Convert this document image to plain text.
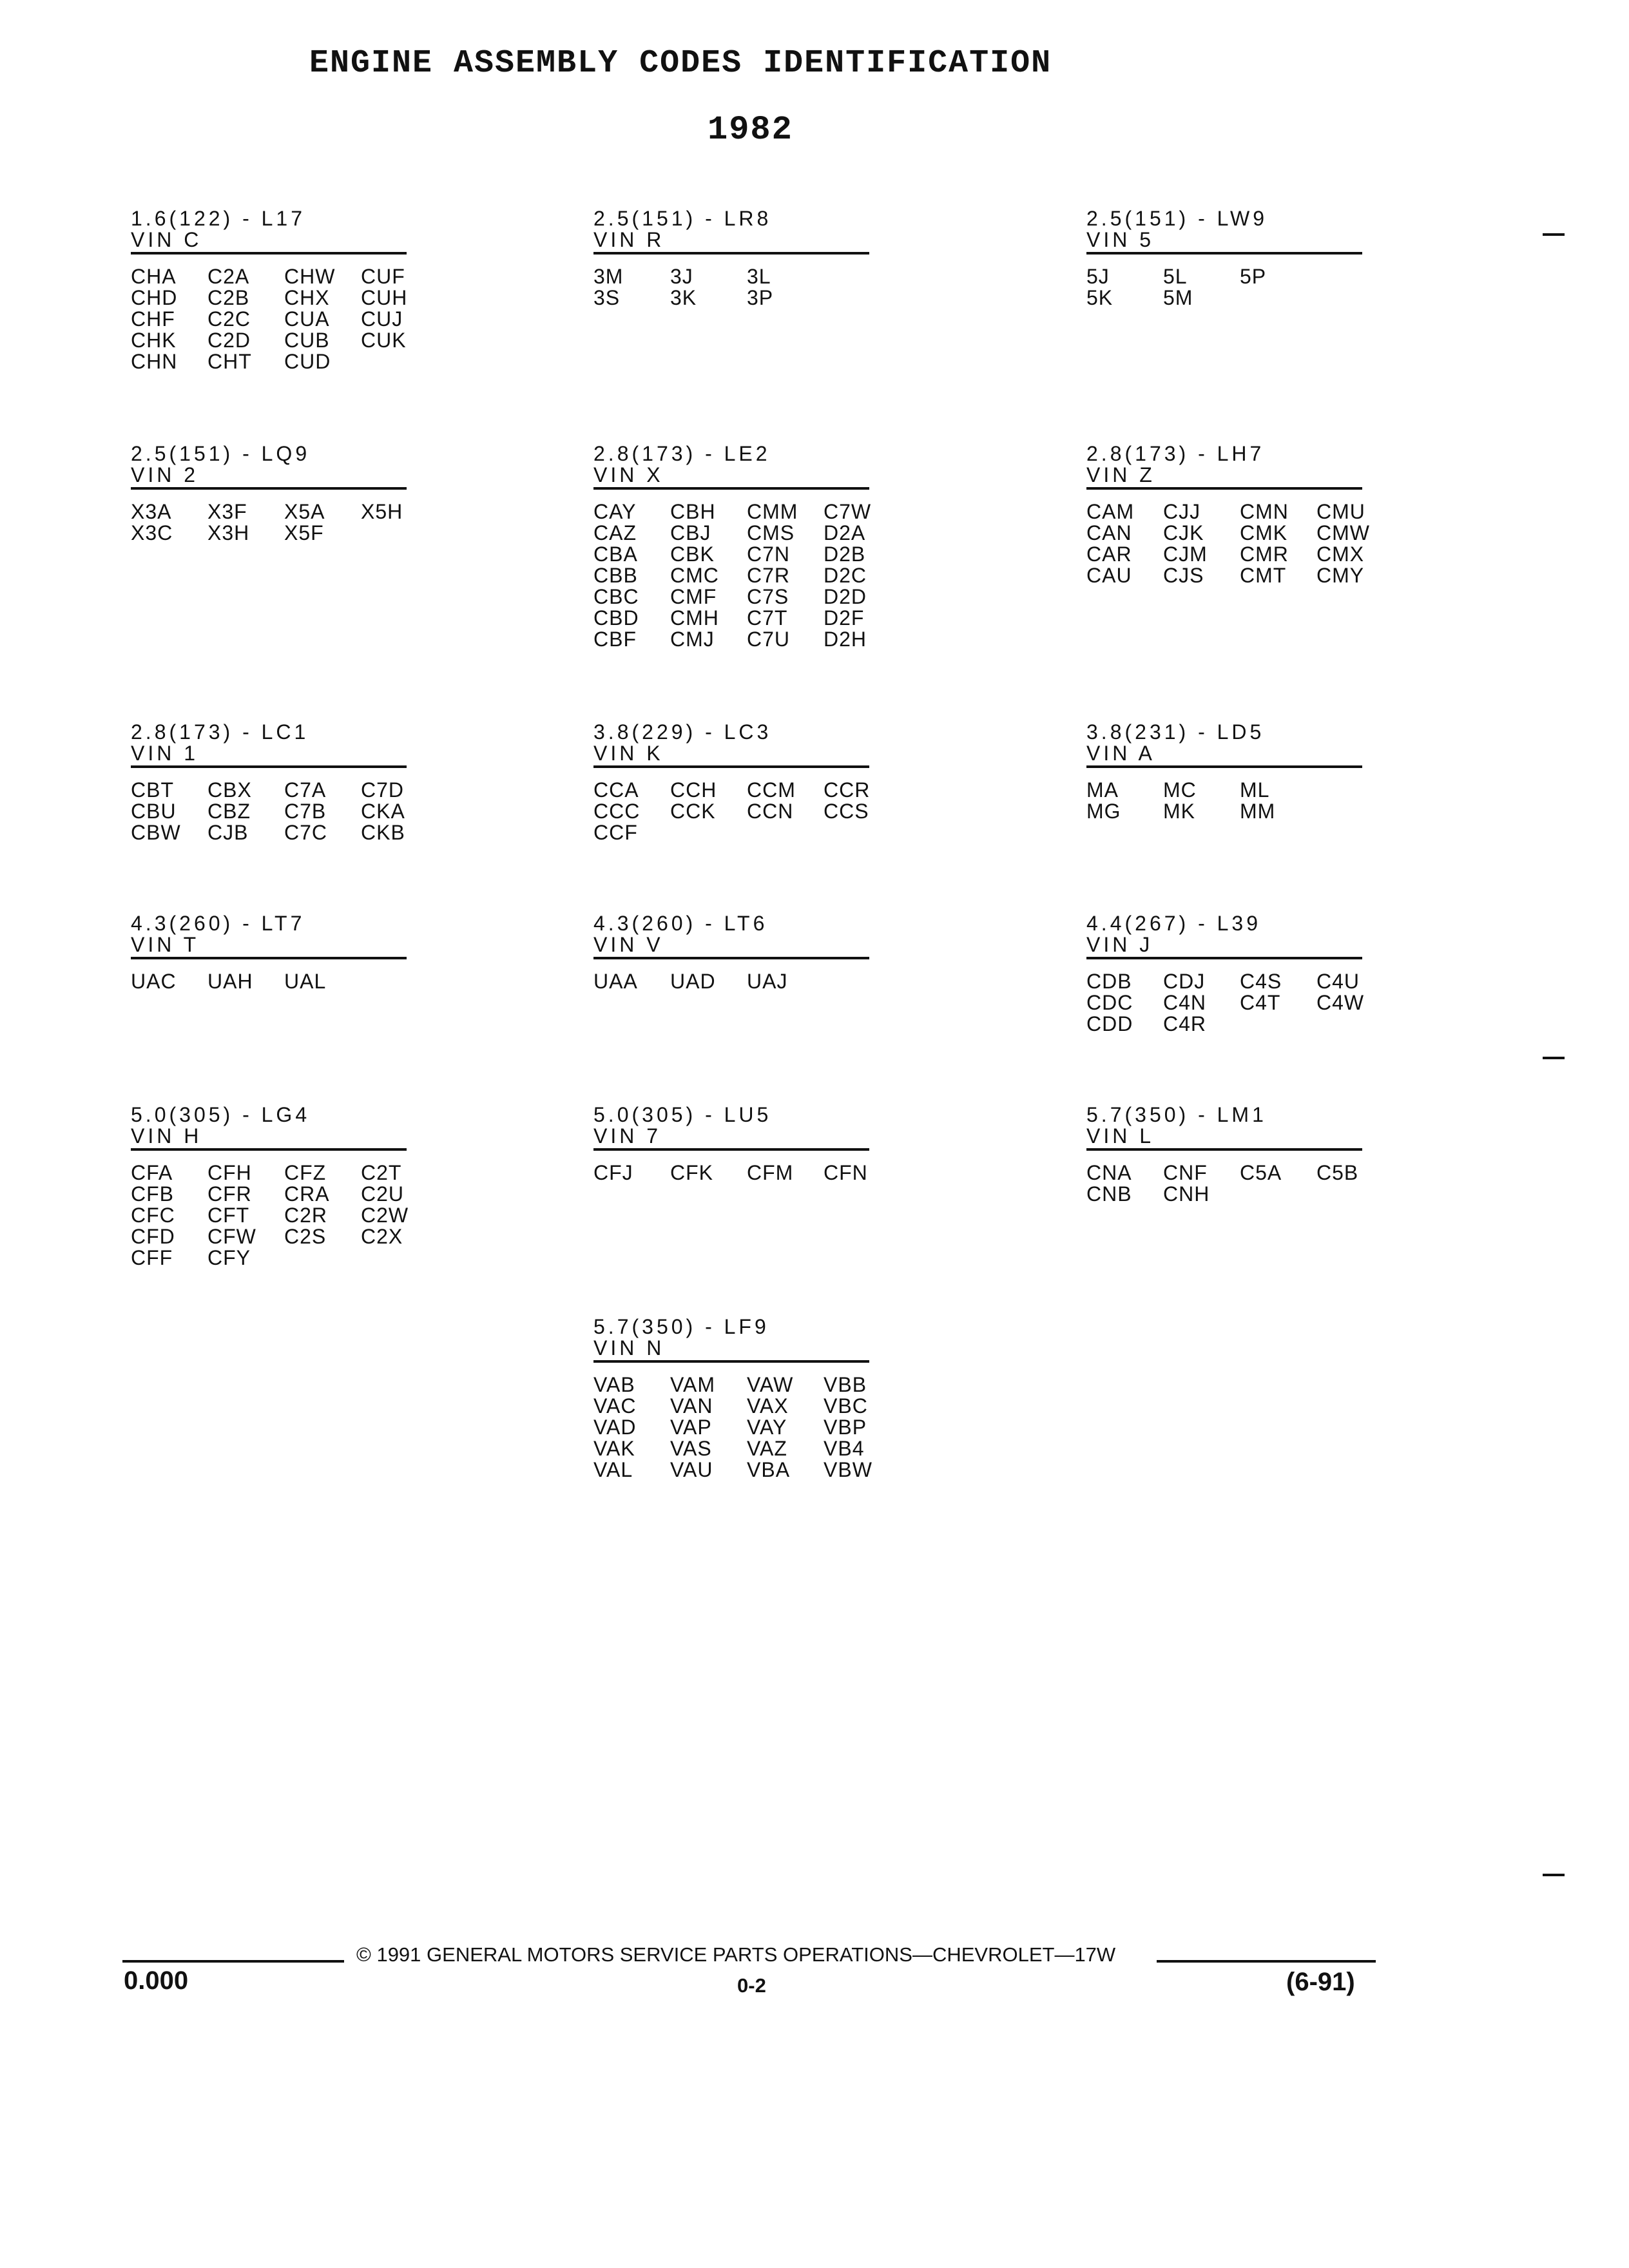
ENGINE ASSEMBLY CODES IDENTIFICATION
1982
1.6(122) - L17
VIN C
CHA	C2A	CHW	CUF
CHD	C2B	CHX	CUH
CHF	C2C	CUA	CUJ
CHK	C2D	CUB	CUK
CHN	CHT	CUD
2.5(151) - LR8
VIN R
3M	3J	3L
3S	3K	3P
2.5(151) - LW9
VIN 5
5J	5L	5P
5K	5M
2.5(151) - LQ9
VIN 2
X3A	X3F	X5A	X5H
X3C	X3H	X5F
2.8(173) - LE2
VIN X
CAY	CBH	CMM	C7W
CAZ	CBJ	CMS	D2A
CBA	CBK	C7N	D2B
CBB	CMC	C7R	D2C
CBC	CMF	C7S	D2D
CBD	CMH	C7T	D2F
CBF	CMJ	C7U	D2H
2.8(173) - LH7
VIN Z
CAM	CJJ	CMN	CMU
CAN	CJK	CMK	CMW
CAR	CJM	CMR	CMX
CAU	CJS	CMT	CMY
2.8(173) - LC1
VIN 1
CBT	CBX	C7A	C7D
CBU	CBZ	C7B	CKA
CBW	CJB	C7C	CKB
3.8(229) - LC3
VIN K
CCA	CCH	CCM	CCR
CCC	CCK	CCN	CCS
CCF
3.8(231) - LD5
VIN A
MA	MC	ML
MG	MK	MM
4.3(260) - LT7
VIN T
UAC	UAH	UAL
4.3(260) - LT6
VIN V
UAA	UAD	UAJ
4.4(267) - L39
VIN J
CDB	CDJ	C4S	C4U
CDC	C4N	C4T	C4W
CDD	C4R
5.0(305) - LG4
VIN H
CFA	CFH	CFZ	C2T
CFB	CFR	CRA	C2U
CFC	CFT	C2R	C2W
CFD	CFW	C2S	C2X
CFF	CFY
5.0(305) - LU5
VIN 7
CFJ	CFK	CFM	CFN
5.7(350) - LM1
VIN L
CNA	CNF	C5A	C5B
CNB	CNH
5.7(350) - LF9
VIN N
VAB	VAM	VAW	VBB
VAC	VAN	VAX	VBC
VAD	VAP	VAY	VBP
VAK	VAS	VAZ	VB4
VAL	VAU	VBA	VBW
© 1991 GENERAL MOTORS SERVICE PARTS OPERATIONS—CHEVROLET—17W
0.000	0-2	(6-91)
